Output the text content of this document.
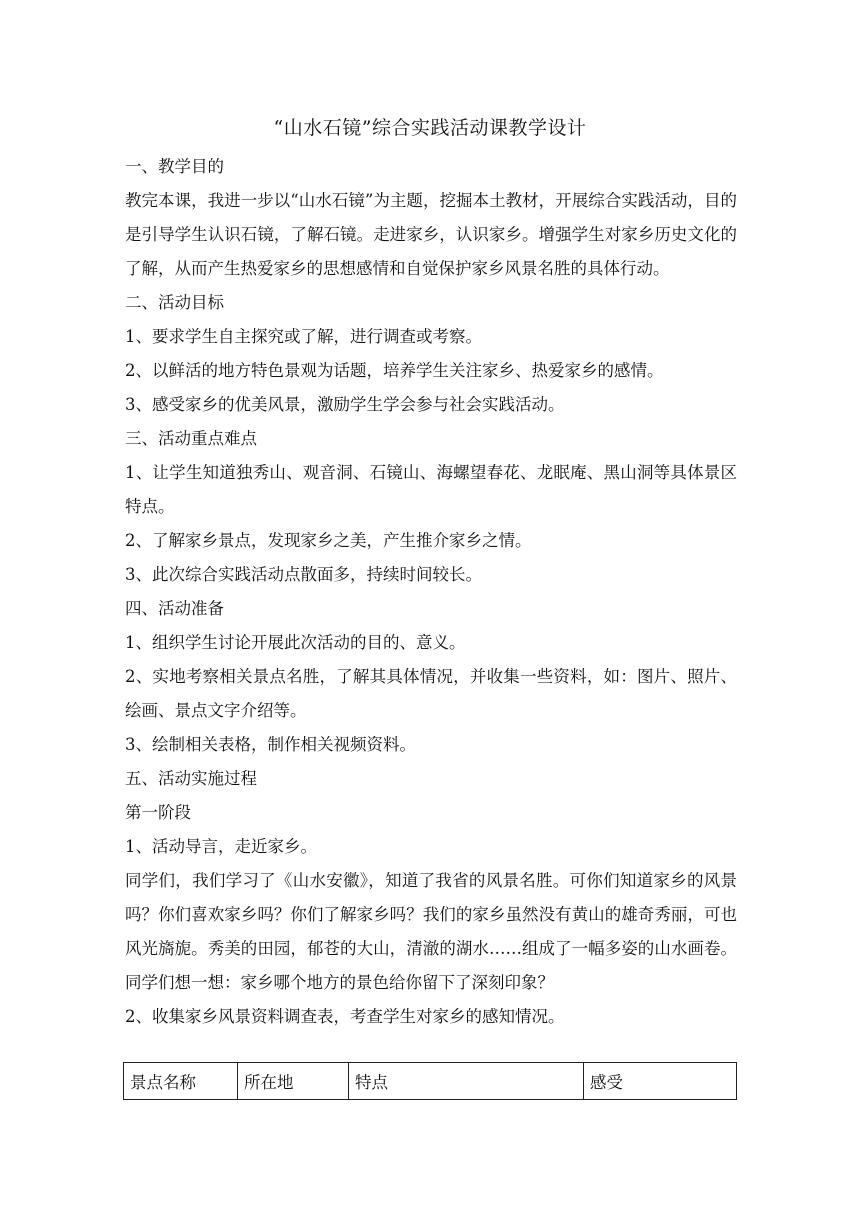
“山水石镜”综合实践活动课教学设计
一、教学目的

教完本课，我进一步以“山水石镜”为主题，挖掘本土教材，开展综合实践活动，目的是引导学生认识石镜，了解石镜。走进家乡，认识家乡。增强学生对家乡历史文化的了解，从而产生热爱家乡的思想感情和自觉保护家乡风景名胜的具体行动。

二、活动目标
1、要求学生自主探究或了解，进行调查或考察。
2、以鲜活的地方特色景观为话题，培养学生关注家乡、热爱家乡的感情。
3、感受家乡的优美风景，激励学生学会参与社会实践活动。
三、活动重点难点

1、让学生知道独秀山、观音洞、石镜山、海螺望春花、龙眠庵、黑山洞等具体景区特点。

2、了解家乡景点，发现家乡之美，产生推介家乡之情。
3、此次综合实践活动点散面多，持续时间较长。
四、活动准备
1、组织学生讨论开展此次活动的目的、意义。

2、实地考察相关景点名胜，了解其具体情况，并收集一些资料，如：图片、照片、绘画、景点文字介绍等。

3、绘制相关表格，制作相关视频资料。
五、活动实施过程
第一阶段
1、活动导言，走近家乡。

同学们，我们学习了《山水安徽》，知道了我省的风景名胜。可你们知道家乡的风景吗？你们喜欢家乡吗？你们了解家乡吗？我们的家乡虽然没有黄山的雄奇秀丽，可也风光旖旎。秀美的田园，郁苍的大山，清澈的湖水……组成了一幅多姿的山水画卷。同学们想一想：家乡哪个地方的景色给你留下了深刻印象？

2、收集家乡风景资料调查表，考查学生对家乡的感知情况。
景点名称	所在地	特点	感受
